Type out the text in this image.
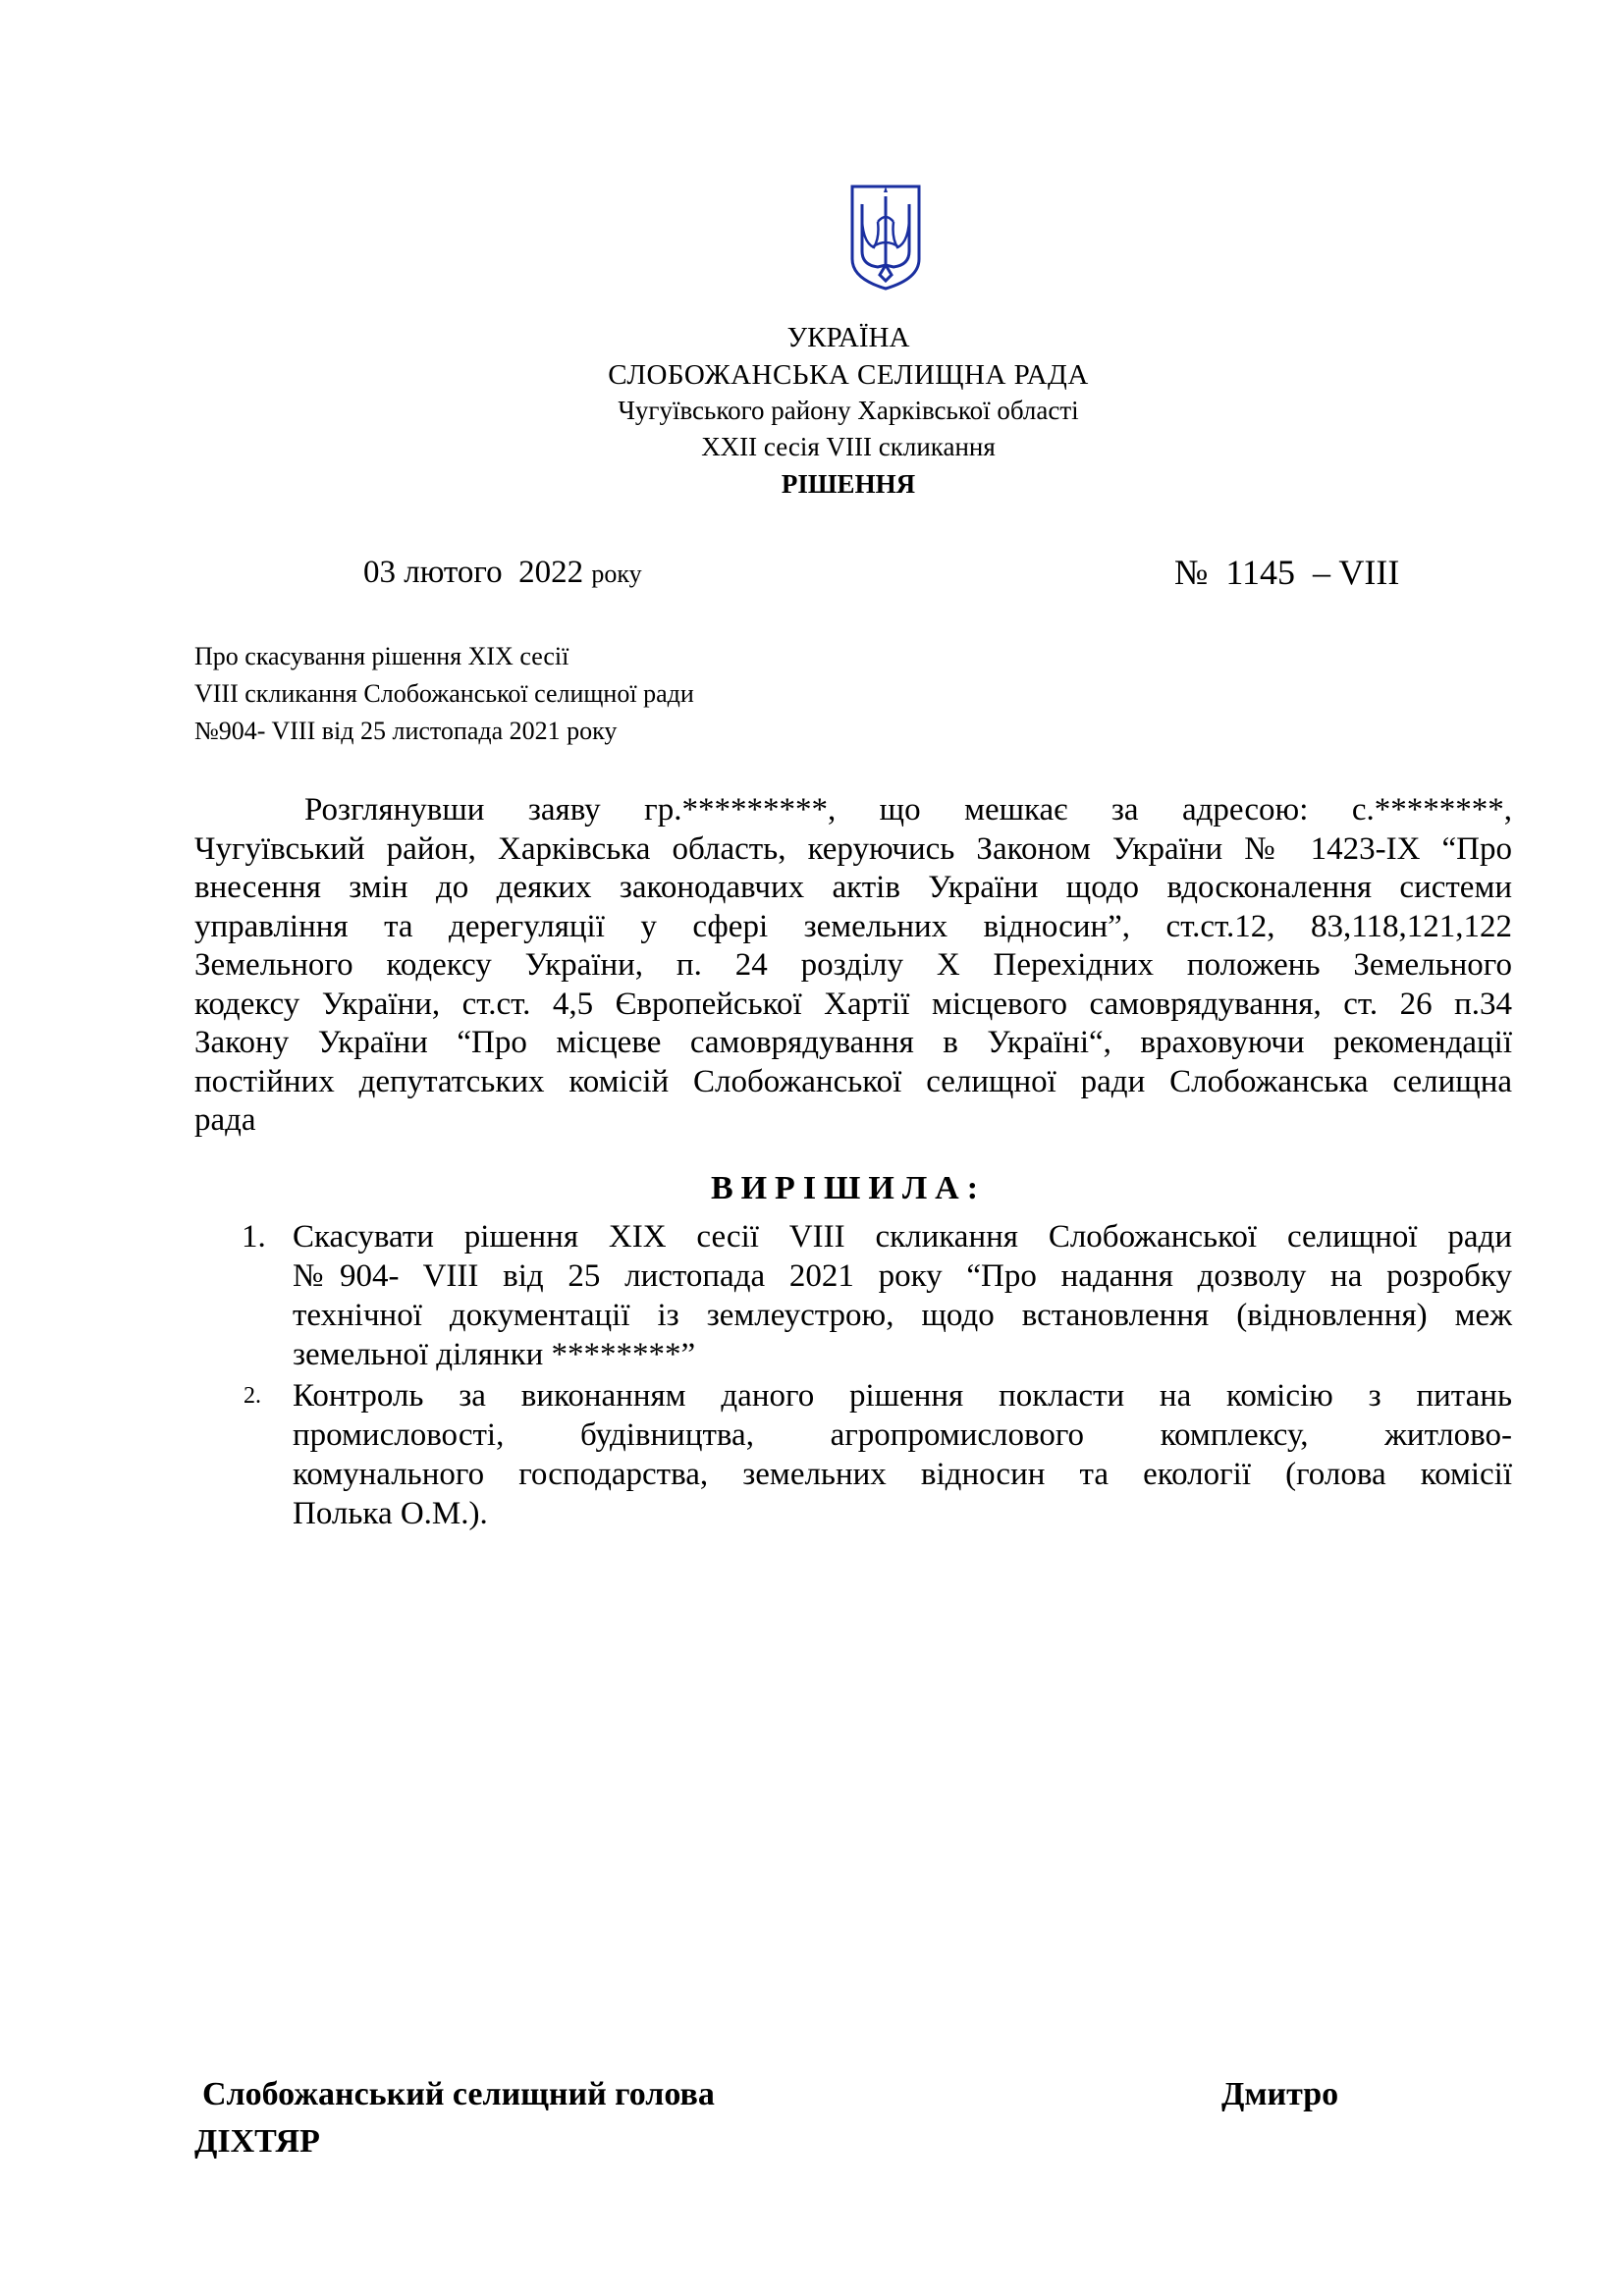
УКРАЇНА
СЛОБОЖАНСЬКА СЕЛИЩНА РАДА
Чугуївського району Харківської області
XXII сесія VIII скликання
РІШЕННЯ
03 лютого  2022 року	№  1145  – VIII
Про скасування рішення XIX сесії
VIII скликання Слобожанської селищної ради
№904- VIII від 25 листопада 2021 року
Розглянувши заяву гр.*********, що мешкає за адресою: с.********,
Чугуївський район, Харківська область, керуючись Законом України № 1423-IX “Про
внесення змін до деяких законодавчих актів України щодо вдосконалення системи
управління та дерегуляції у сфері земельних відносин”, ст.ст.12, 83,118,121,122
Земельного кодексу України, п. 24 розділу Х Перехідних положень Земельного
кодексу України, ст.ст. 4,5 Європейської Хартії місцевого самоврядування, ст. 26 п.34
Закону України “Про місцеве самоврядування в Україні“, враховуючи рекомендації
постійних депутатських комісій Слобожанської селищної ради Слобожанська селищна
рада
ВИРІШИЛА:
1. Скасувати рішення XIX сесії VIII скликання Слобожанської селищної ради
№904- VIII від 25 листопада 2021 року “Про надання дозволу на розробку
технічної документації із землеустрою, щодо встановлення (відновлення) меж
земельної ділянки ********”
2. Контроль за виконанням даного рішення покласти на комісію з питань
промисловості, будівництва, агропромислового комплексу, житлово-
комунального господарства, земельних відносин та екології (голова комісії
Полька О.М.).
Слобожанський селищний голова	Дмитро
ДІХТЯР
